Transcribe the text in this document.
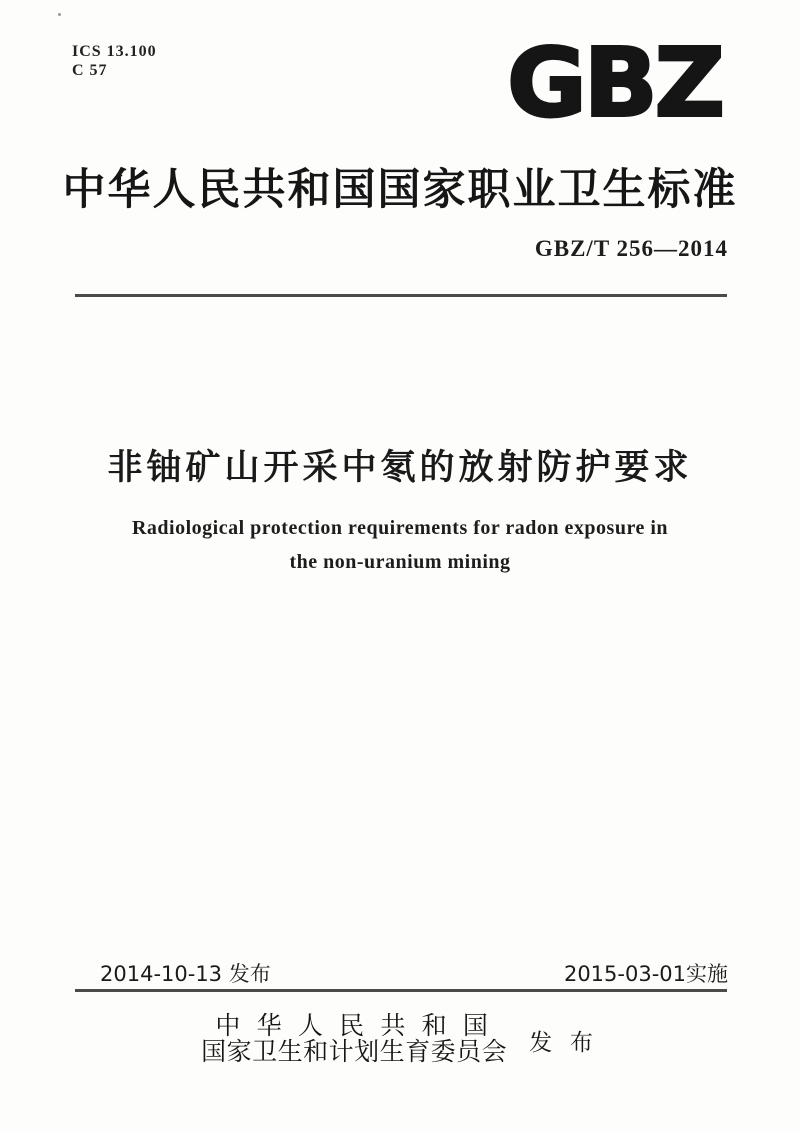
ICS 13.100
C 57	GBZ
中华人民共和国国家职业卫生标准
GBZ/T 256—2014
非铀矿山开采中氡的放射防护要求
Radiological protection requirements for radon exposure in
the non-uranium mining
2014-10-13 发布	2015-03-01实施
中 华 人 民 共 和 国
国家卫生和计划生育委员会 发 布
